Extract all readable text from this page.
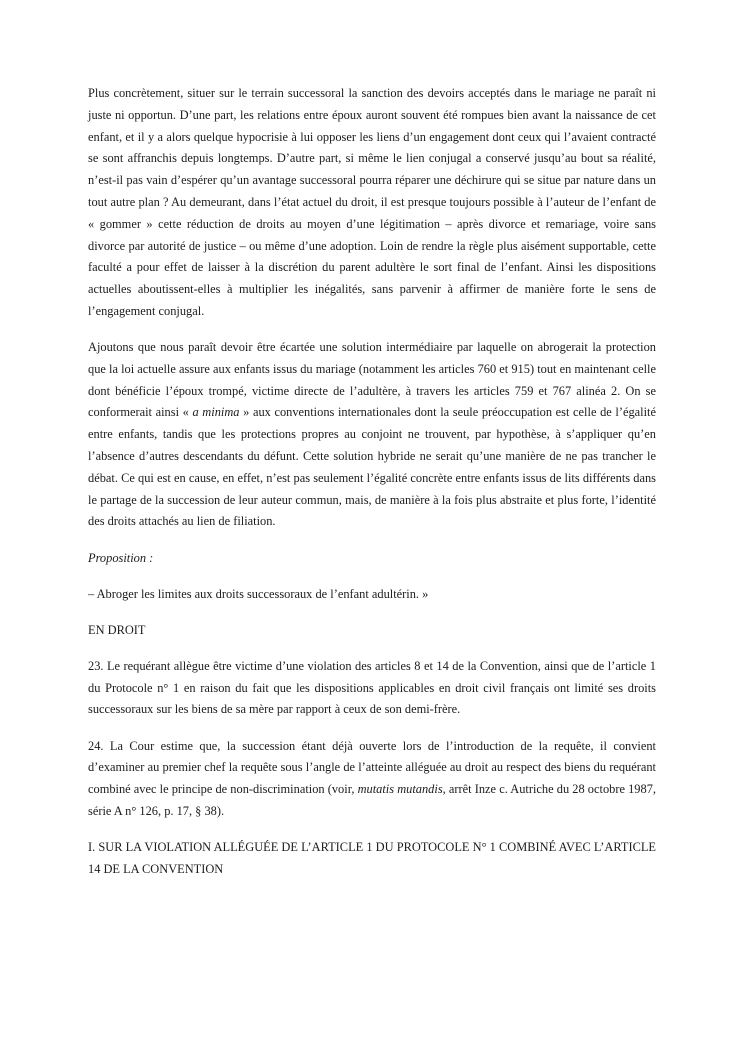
Plus concrètement, situer sur le terrain successoral la sanction des devoirs acceptés dans le mariage ne paraît ni juste ni opportun. D’une part, les relations entre époux auront souvent été rompues bien avant la naissance de cet enfant, et il y a alors quelque hypocrisie à lui opposer les liens d’un engagement dont ceux qui l’avaient contracté se sont affranchis depuis longtemps. D’autre part, si même le lien conjugal a conservé jusqu’au bout sa réalité, n’est-il pas vain d’espérer qu’un avantage successoral pourra réparer une déchirure qui se situe par nature dans un tout autre plan ? Au demeurant, dans l’état actuel du droit, il est presque toujours possible à l’auteur de l’enfant de « gommer » cette réduction de droits au moyen d’une légitimation – après divorce et remariage, voire sans divorce par autorité de justice – ou même d’une adoption. Loin de rendre la règle plus aisément supportable, cette faculté a pour effet de laisser à la discrétion du parent adultère le sort final de l’enfant. Ainsi les dispositions actuelles aboutissent-elles à multiplier les inégalités, sans parvenir à affirmer de manière forte le sens de l’engagement conjugal.

Ajoutons que nous paraît devoir être écartée une solution intermédiaire par laquelle on abrogerait la protection que la loi actuelle assure aux enfants issus du mariage (notamment les articles 760 et 915) tout en maintenant celle dont bénéficie l’époux trompé, victime directe de l’adultère, à travers les articles 759 et 767 alinéa 2. On se conformerait ainsi « a minima » aux conventions internationales dont la seule préoccupation est celle de l’égalité entre enfants, tandis que les protections propres au conjoint ne trouvent, par hypothèse, à s’appliquer qu’en l’absence d’autres descendants du défunt. Cette solution hybride ne serait qu’une manière de ne pas trancher le débat. Ce qui est en cause, en effet, n’est pas seulement l’égalité concrète entre enfants issus de lits différents dans le partage de la succession de leur auteur commun, mais, de manière à la fois plus abstraite et plus forte, l’identité des droits attachés au lien de filiation.

Proposition :

– Abroger les limites aux droits successoraux de l’enfant adultérin. »

EN DROIT

23. Le requérant allègue être victime d’une violation des articles 8 et 14 de la Convention, ainsi que de l’article 1 du Protocole n° 1 en raison du fait que les dispositions applicables en droit civil français ont limité ses droits successoraux sur les biens de sa mère par rapport à ceux de son demi-frère.

24. La Cour estime que, la succession étant déjà ouverte lors de l’introduction de la requête, il convient d’examiner au premier chef la requête sous l’angle de l’atteinte alléguée au droit au respect des biens du requérant combiné avec le principe de non-discrimination (voir, mutatis mutandis, arrêt Inze c. Autriche du 28 octobre 1987, série A n° 126, p. 17, § 38).

I. SUR LA VIOLATION ALLÉGUÉE DE L’ARTICLE 1 DU PROTOCOLE N° 1 COMBINÉ AVEC L’ARTICLE 14 DE LA CONVENTION
